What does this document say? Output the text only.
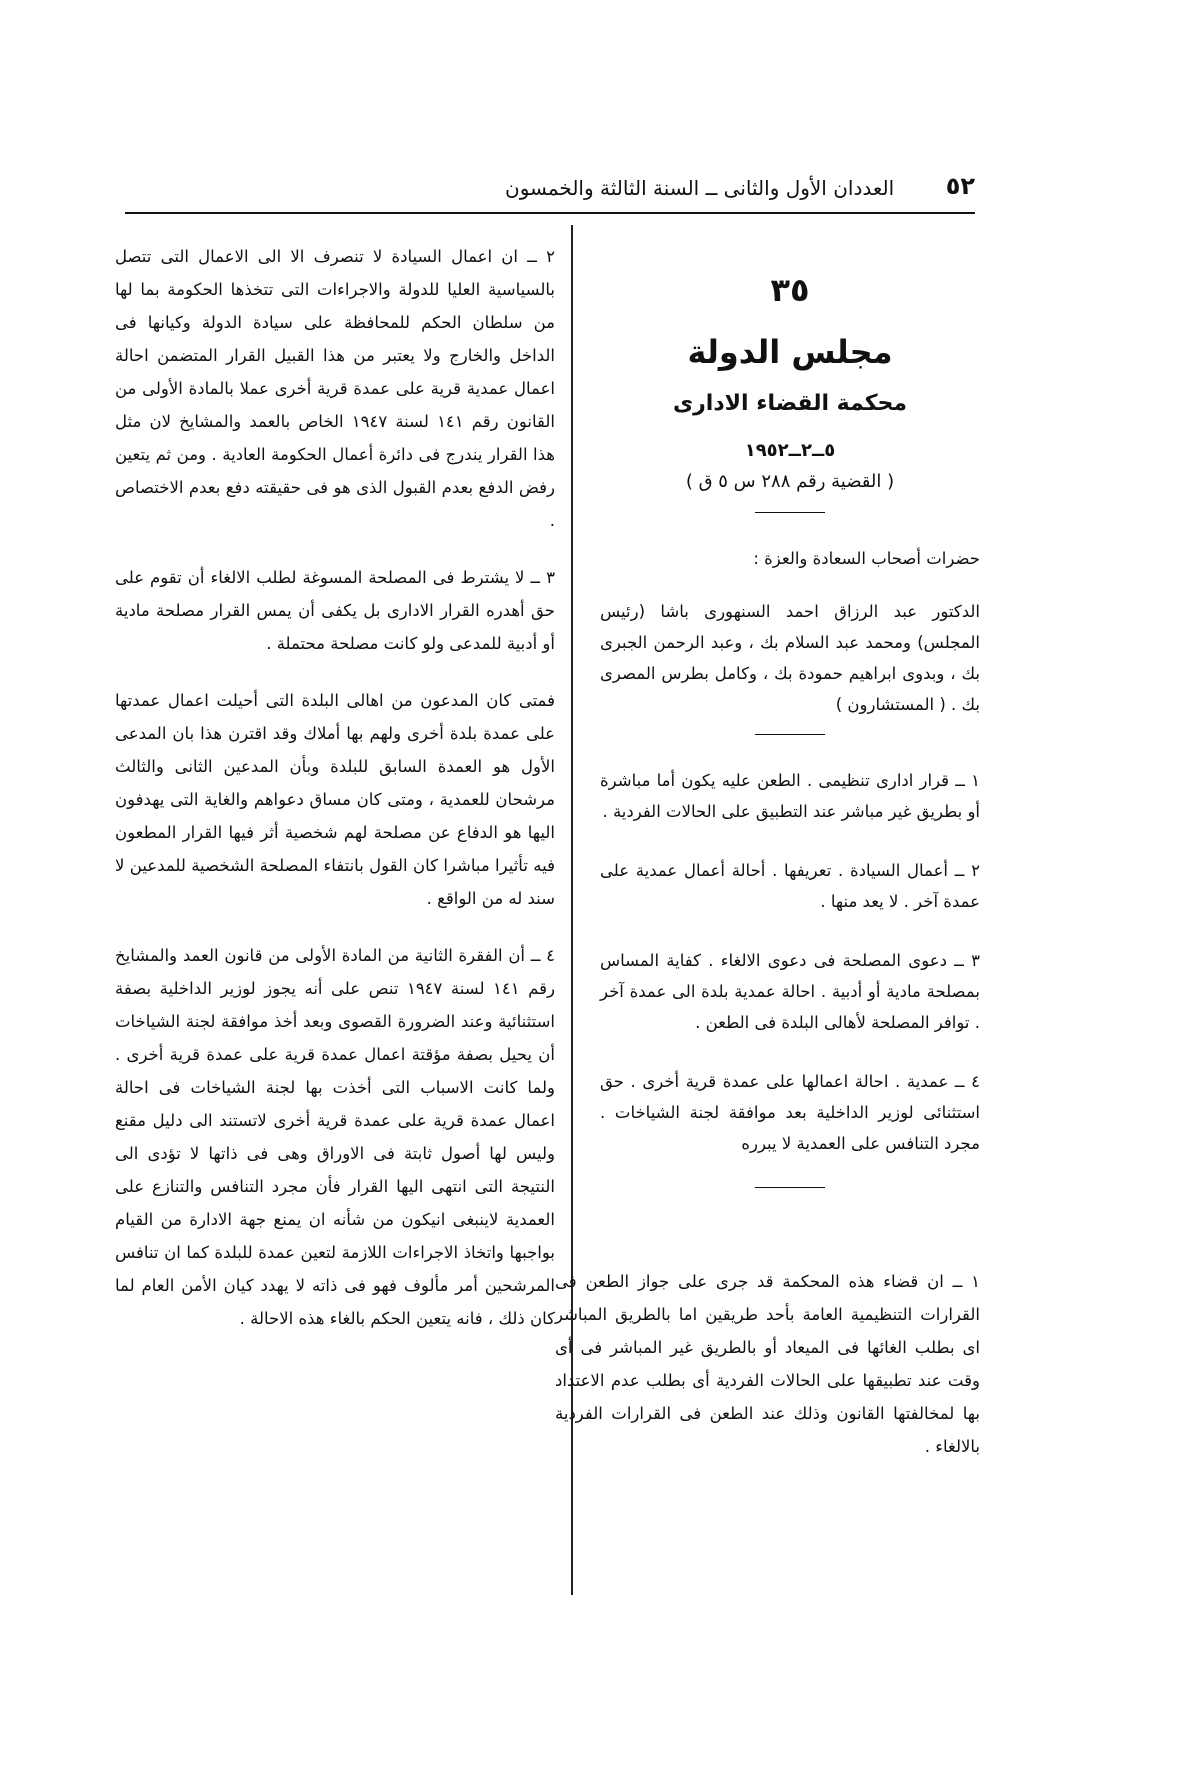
العددان الأول والثانى ــ السنة الثالثة والخمسون ٥٢
٣٥
مجلس الدولة
محكمة القضاء الادارى
٥ــ٢ــ١٩٥٢
( القضية رقم ٢٨٨ س ٥ ق )

حضرات أصحاب السعادة والعزة :

الدكتور عبد الرزاق احمد السنهورى باشا (رئيس المجلس) ومحمد عبد السلام بك ، وعبد الرحمن الجبرى بك ، وبدوى ابراهيم حمودة بك ، وكامل بطرس المصرى بك . ( المستشارون )

١ ــ قرار ادارى تنظيمى . الطعن عليه يكون أما مباشرة أو بطريق غير مباشر عند التطبيق على الحالات الفردية .

٢ ــ أعمال السيادة . تعريفها . أحالة أعمال عمدية على عمدة آخر . لا يعد منها .

٣ ــ دعوى المصلحة فى دعوى الالغاء . كفاية المساس بمصلحة مادية أو أدبية . احالة عمدية بلدة الى عمدة آخر . توافر المصلحة لأهالى البلدة فى الطعن .

٤ ــ عمدية . احالة اعمالها على عمدة قرية أخرى . حق استثنائى لوزير الداخلية بعد موافقة لجنة الشياخات . مجرد التنافس على العمدية لا يبرره

١ ــ ان قضاء هذه المحكمة قد جرى على جواز الطعن فى القرارات التنظيمية العامة بأحد طريقين اما بالطريق المباشر اى بطلب الغائها فى الميعاد أو بالطريق غير المباشر فى أى وقت عند تطبيقها على الحالات الفردية أى بطلب عدم الاعتداد بها لمخالفتها القانون وذلك عند الطعن فى القرارات الفردية بالالغاء .

٢ ــ ان اعمال السيادة لا تنصرف الا الى الاعمال التى تتصل بالسياسية العليا للدولة والاجراءات التى تتخذها الحكومة بما لها من سلطان الحكم للمحافظة على سيادة الدولة وكيانها فى الداخل والخارج ولا يعتبر من هذا القبيل القرار المتضمن احالة اعمال عمدية قرية على عمدة قرية أخرى عملا بالمادة الأولى من القانون رقم ١٤١ لسنة ١٩٤٧ الخاص بالعمد والمشايخ لان مثل هذا القرار يندرج فى دائرة أعمال الحكومة العادية . ومن ثم يتعين رفض الدفع بعدم القبول الذى هو فى حقيقته دفع بعدم الاختصاص .

٣ ــ لا يشترط فى المصلحة المسوغة لطلب الالغاء أن تقوم على حق أهدره القرار الادارى بل يكفى أن يمس القرار مصلحة مادية أو أدبية للمدعى ولو كانت مصلحة محتملة .

فمتى كان المدعون من اهالى البلدة التى أحيلت اعمال عمدتها على عمدة بلدة أخرى ولهم بها أملاك وقد اقترن هذا بان المدعى الأول هو العمدة السابق للبلدة وبأن المدعين الثانى والثالث مرشحان للعمدية ، ومتى كان مساق دعواهم والغاية التى يهدفون اليها هو الدفاع عن مصلحة لهم شخصية أثر فيها القرار المطعون فيه تأثيرا مباشرا كان القول بانتفاء المصلحة الشخصية للمدعين لا سند له من الواقع .

٤ ــ أن الفقرة الثانية من المادة الأولى من قانون العمد والمشايخ رقم ١٤١ لسنة ١٩٤٧ تنص على أنه يجوز لوزير الداخلية بصفة استثنائية وعند الضرورة القصوى وبعد أخذ موافقة لجنة الشياخات أن يحيل بصفة مؤقتة اعمال عمدة قرية على عمدة قرية أخرى . ولما كانت الاسباب التى أخذت بها لجنة الشياخات فى احالة اعمال عمدة قرية على عمدة قرية أخرى لاتستند الى دليل مقنع وليس لها أصول ثابتة فى الاوراق وهى فى ذاتها لا تؤدى الى النتيجة التى انتهى اليها القرار فأن مجرد التنافس والتنازع على العمدية لاينبغى انيكون من شأنه ان يمنع جهة الادارة من القيام بواجبها واتخاذ الاجراءات اللازمة لتعين عمدة للبلدة كما ان تنافس المرشحين أمر مألوف فهو فى ذاته لا يهدد كيان الأمن العام لما كان ذلك ، فانه يتعين الحكم بالغاء هذه الاحالة .
